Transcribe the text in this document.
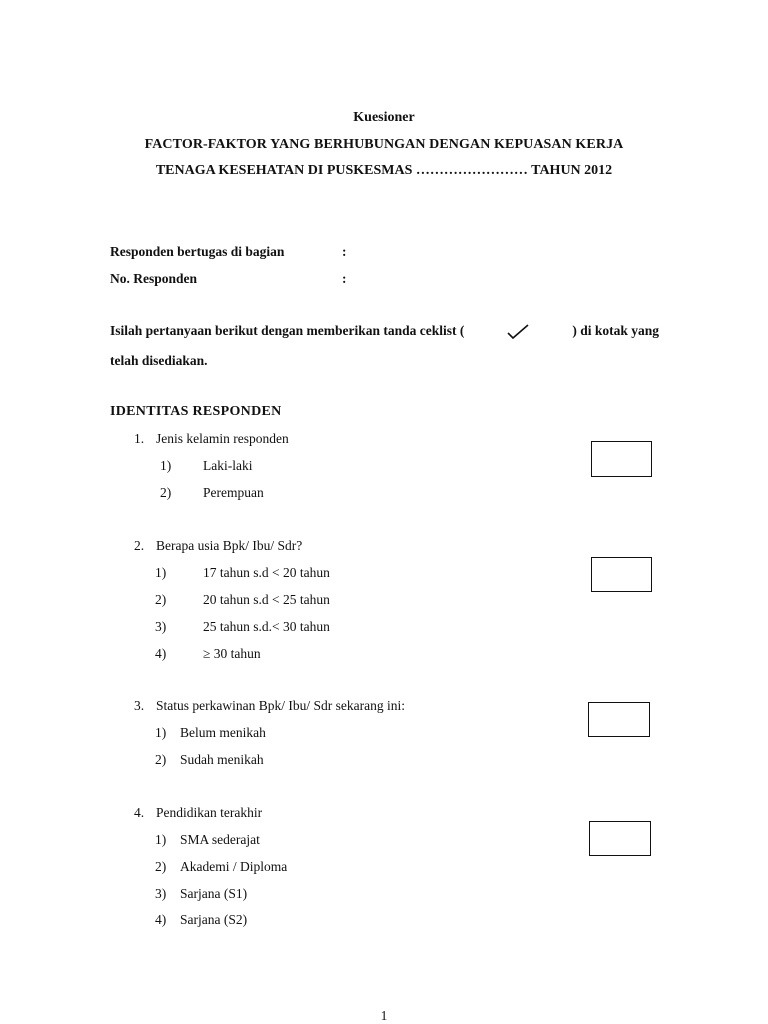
Kuesioner
FACTOR-FAKTOR YANG BERHUBUNGAN DENGAN KEPUASAN KERJA
TENAGA KESEHATAN DI PUSKESMAS …………………… TAHUN 2012
Responden bertugas di bagian	:
No. Responden	:
Isilah pertanyaan berikut dengan memberikan tanda ceklist (	) di kotak yang
telah disediakan.
IDENTITAS RESPONDEN
1. Jenis kelamin responden
1) Laki-laki
2) Perempuan
2. Berapa usia Bpk/ Ibu/ Sdr?
1)	17 tahun s.d < 20 tahun
2)	20 tahun s.d < 25 tahun
3)	25 tahun s.d.< 30 tahun
4)	≥ 30 tahun
3. Status perkawinan Bpk/ Ibu/ Sdr sekarang ini:
1) Belum menikah
2) Sudah menikah
4. Pendidikan terakhir
1) SMA sederajat
2) Akademi / Diploma
3) Sarjana (S1)
4) Sarjana (S2)
1
